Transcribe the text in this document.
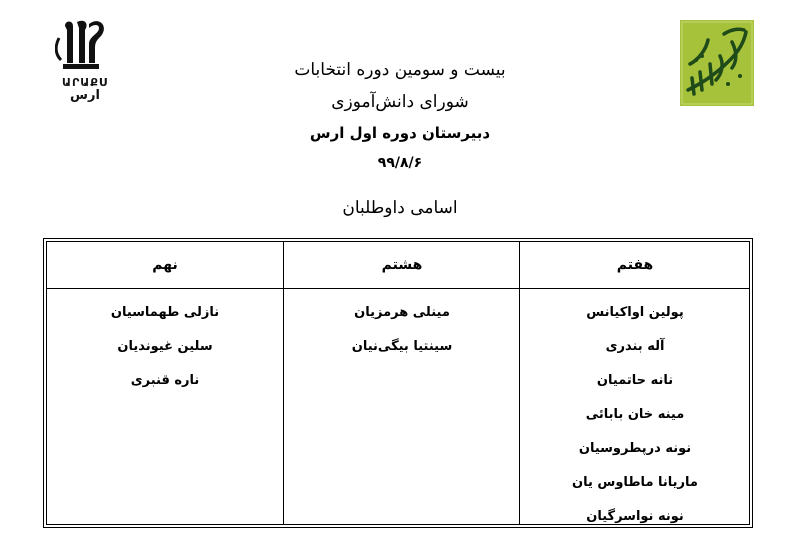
ԱՐԱՔՍ
ارس
بیست و سومین دوره انتخابات
شورای دانش‌آموزی
دبیرستان دوره اول ارس
۹۹/۸/۶
اسامی داوطلبان
نهم
نازلی طهماسیان
سلین غیوندیان
ناره قنبری
هشتم
مینلی هرمزیان
سینتیا بیگی‌نیان
هفتم
پولین اواکیانس
آله بندری
نانه حاتمیان
مینه خان بابائی
نونه درپطروسیان
ماریانا ماطاوس یان
نونه نواسرگیان
